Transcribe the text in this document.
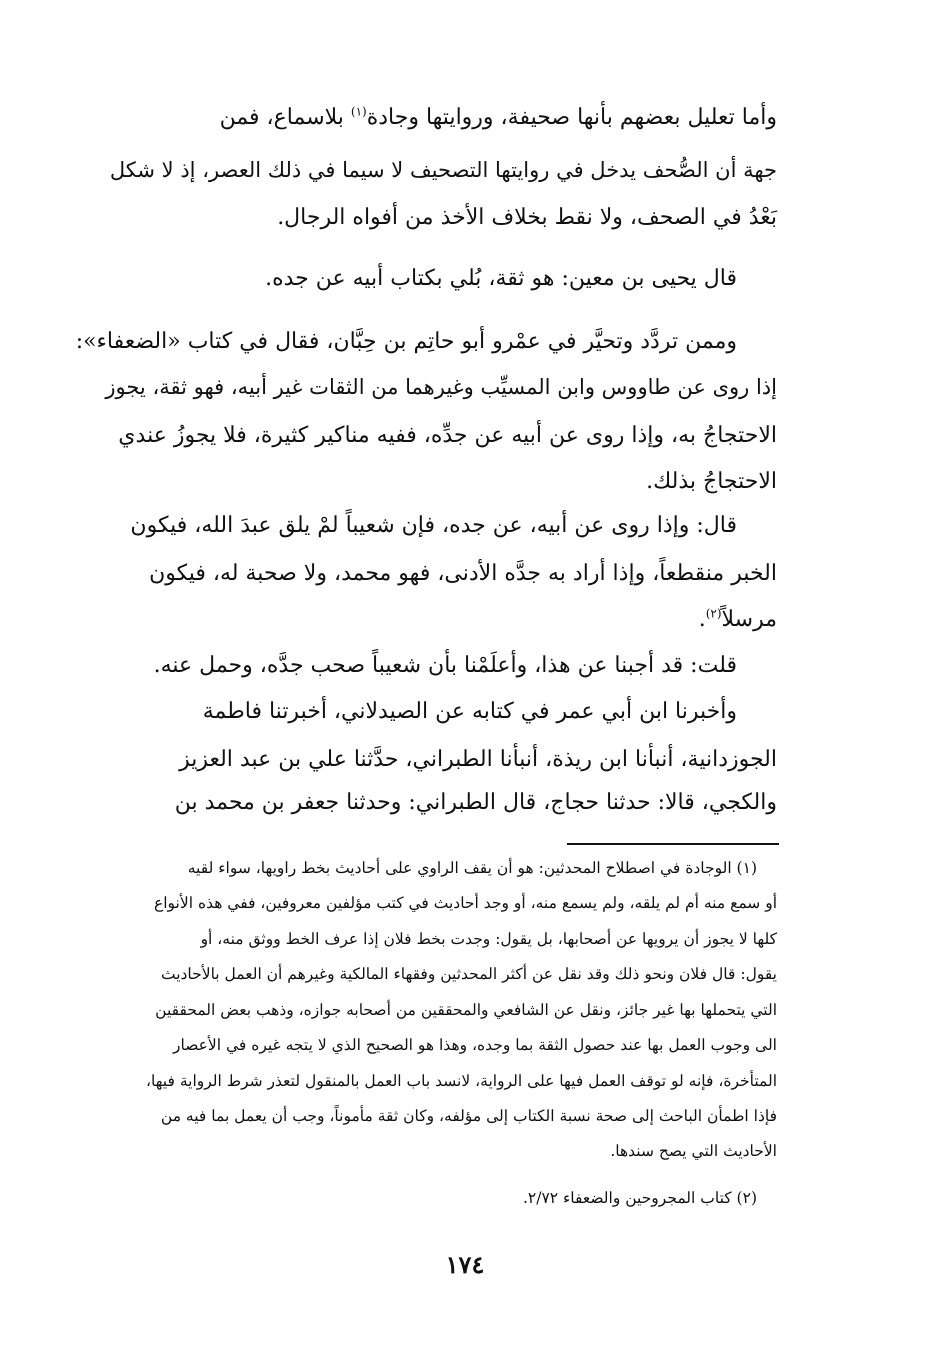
وأما تعليل بعضهم بأنها صحيفة، وروايتها وجادة$^{(١)}$ بلاسماع، فمن
جهة أن الصُّحف يدخل في روايتها التصحيف لا سيما في ذلك العصر، إذ لا شكل
بَعْدُ في الصحف، ولا نقط بخلاف الأخذ من أفواه الرجال.
قال يحيى بن معين: هو ثقة، بُلي بكتاب أبيه عن جده.
وممن تردَّد وتحيَّر في عمْرو أبو حاتِم بن حِبَّان، فقال في كتاب «الضعفاء»:
إذا روى عن طاووس وابن المسيِّب وغيرهما من الثقات غير أبيه، فهو ثقة، يجوز
الاحتجاجُ به، وإذا روى عن أبيه عن جدِّه، ففيه مناكير كثيرة، فلا يجوزُ عندي
الاحتجاجُ بذلك.
قال: وإذا روى عن أبيه، عن جده، فإن شعيباً لمْ يلق عبدَ الله، فيكون
الخبر منقطعاً، وإذا أراد به جدَّه الأدنى، فهو محمد، ولا صحبة له، فيكون
مرسلاً$^{(٢)}$.
قلت: قد أجبنا عن هذا، وأعلَمْنا بأن شعيباً صحب جدَّه، وحمل عنه.
وأخبرنا ابن أبي عمر في كتابه عن الصيدلاني، أخبرتنا فاطمة
الجوزدانية، أنبأنا ابن ريذة، أنبأنا الطبراني، حدَّثنا علي بن عبد العزيز
والكجي، قالا: حدثنا حجاج، قال الطبراني: وحدثنا جعفر بن محمد بن
(١) الوجادة في اصطلاح المحدثين: هو أن يقف الراوي على أحاديث بخط راويها، سواء لقيه
أو سمع منه أم لم يلقه، ولم يسمع منه، أو وجد أحاديث في كتب مؤلفين معروفين، ففي هذه الأنواع
كلها لا يجوز أن يرويها عن أصحابها، بل يقول: وجدت بخط فلان إذا عرف الخط ووثق منه، أو
يقول: قال فلان ونحو ذلك وقد نقل عن أكثر المحدثين وفقهاء المالكية وغيرهم أن العمل بالأحاديث
التي يتحملها بها غير جائز، ونقل عن الشافعي والمحققين من أصحابه جوازه، وذهب بعض المحققين
الى وجوب العمل بها عند حصول الثقة بما وجده، وهذا هو الصحيح الذي لا يتجه غيره في الأعصار
المتأخرة، فإنه لو توقف العمل فيها على الرواية، لانسد باب العمل بالمنقول لتعذر شرط الرواية فيها،
فإذا اطمأن الباحث إلى صحة نسبة الكتاب إلى مؤلفه، وكان ثقة مأموناً، وجب أن يعمل بما فيه من
الأحاديث التي يصح سندها.
(٢) كتاب المجروحين والضعفاء ٢/٧٢.
١٧٤
